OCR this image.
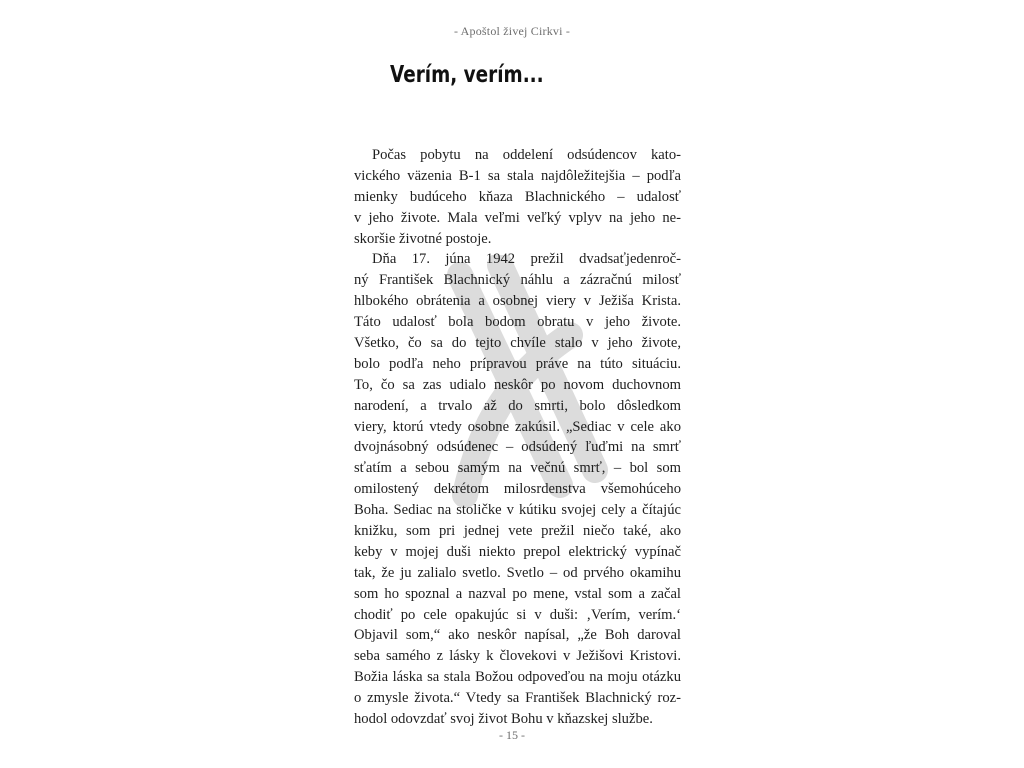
- Apoštol živej Cirkvi -
Verím, verím...
Počas pobytu na oddelení odsúdencov kato-
vického väzenia B-1 sa stala najdôležitejšia – podľa
mienky budúceho kňaza Blachnického – udalosť
v jeho živote. Mala veľmi veľký vplyv na jeho ne-
skoršie životné postoje.
Dňa 17. júna 1942 prežil dvadsaťjedenroč-
ný František Blachnický náhlu a zázračnú milosť
hlbokého obrátenia a osobnej viery v Ježiša Krista.
Táto udalosť bola bodom obratu v jeho živote.
Všetko, čo sa do tejto chvíle stalo v jeho živote,
bolo podľa neho prípravou práve na túto situáciu.
To, čo sa zas udialo neskôr po novom duchovnom
narodení, a trvalo až do smrti, bolo dôsledkom
viery, ktorú vtedy osobne zakúsil. „Sediac v cele ako
dvojnásobný odsúdenec – odsúdený ľuďmi na smrť
sťatím a sebou samým na večnú smrť, – bol som
omilostený dekrétom milosrdenstva všemohúceho
Boha. Sediac na stoličke v kútiku svojej cely a čítajúc
knižku, som pri jednej vete prežil niečo také, ako
keby v mojej duši niekto prepol elektrický vypínač
tak, že ju zalialo svetlo. Svetlo – od prvého okamihu
som ho spoznal a nazval po mene, vstal som a začal
chodiť po cele opakujúc si v duši: ‚Verím, verím.‘
Objavil som,“ ako neskôr napísal, „že Boh daroval
seba samého z lásky k človekovi v Ježišovi Kristovi.
Božia láska sa stala Božou odpoveďou na moju otázku
o zmysle života.“ Vtedy sa František Blachnický roz-
hodol odovzdať svoj život Bohu v kňazskej službe.
- 15 -
